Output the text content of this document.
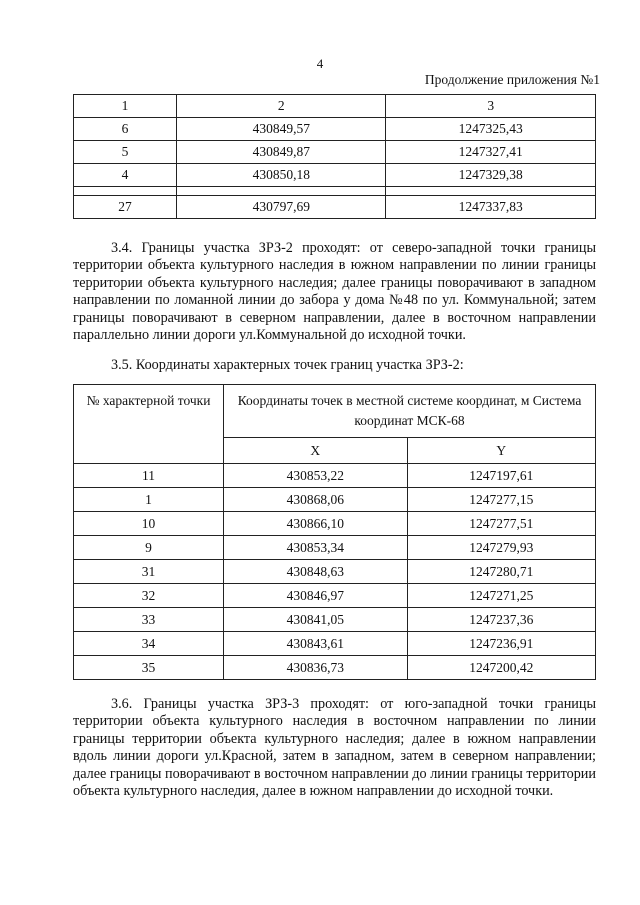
4
Продолжение приложения №1
1	2	3
6	430849,57	1247325,43
5	430849,87	1247327,41
4	430850,18	1247329,38

27	430797,69	1247337,83
3.4. Границы участка ЗРЗ-2 проходят: от северо-западной точки границы территории объекта культурного наследия в южном направлении по линии границы территории объекта культурного наследия; далее границы поворачивают в западном направлении по ломанной линии до забора у дома №48 по ул. Коммунальной; затем границы поворачивают в северном направлении, далее в восточном направлении параллельно линии дороги ул.Коммунальной до исходной точки.
3.5. Координаты характерных точек границ участка ЗРЗ-2:
№ характерной точки	Координаты точек в местной системе координат, м Система координат МСК-68	
	X	Y
11	430853,22	1247197,61
1	430868,06	1247277,15
10	430866,10	1247277,51
9	430853,34	1247279,93
31	430848,63	1247280,71
32	430846,97	1247271,25
33	430841,05	1247237,36
34	430843,61	1247236,91
35	430836,73	1247200,42
3.6. Границы участка ЗРЗ-3 проходят: от юго-западной точки границы территории объекта культурного наследия в восточном направлении по линии границы территории объекта культурного наследия; далее в южном направлении вдоль линии дороги ул.Красной, затем в западном, затем в северном направлении; далее границы поворачивают в восточном направлении до линии границы территории объекта культурного наследия, далее в южном направлении до исходной точки.
